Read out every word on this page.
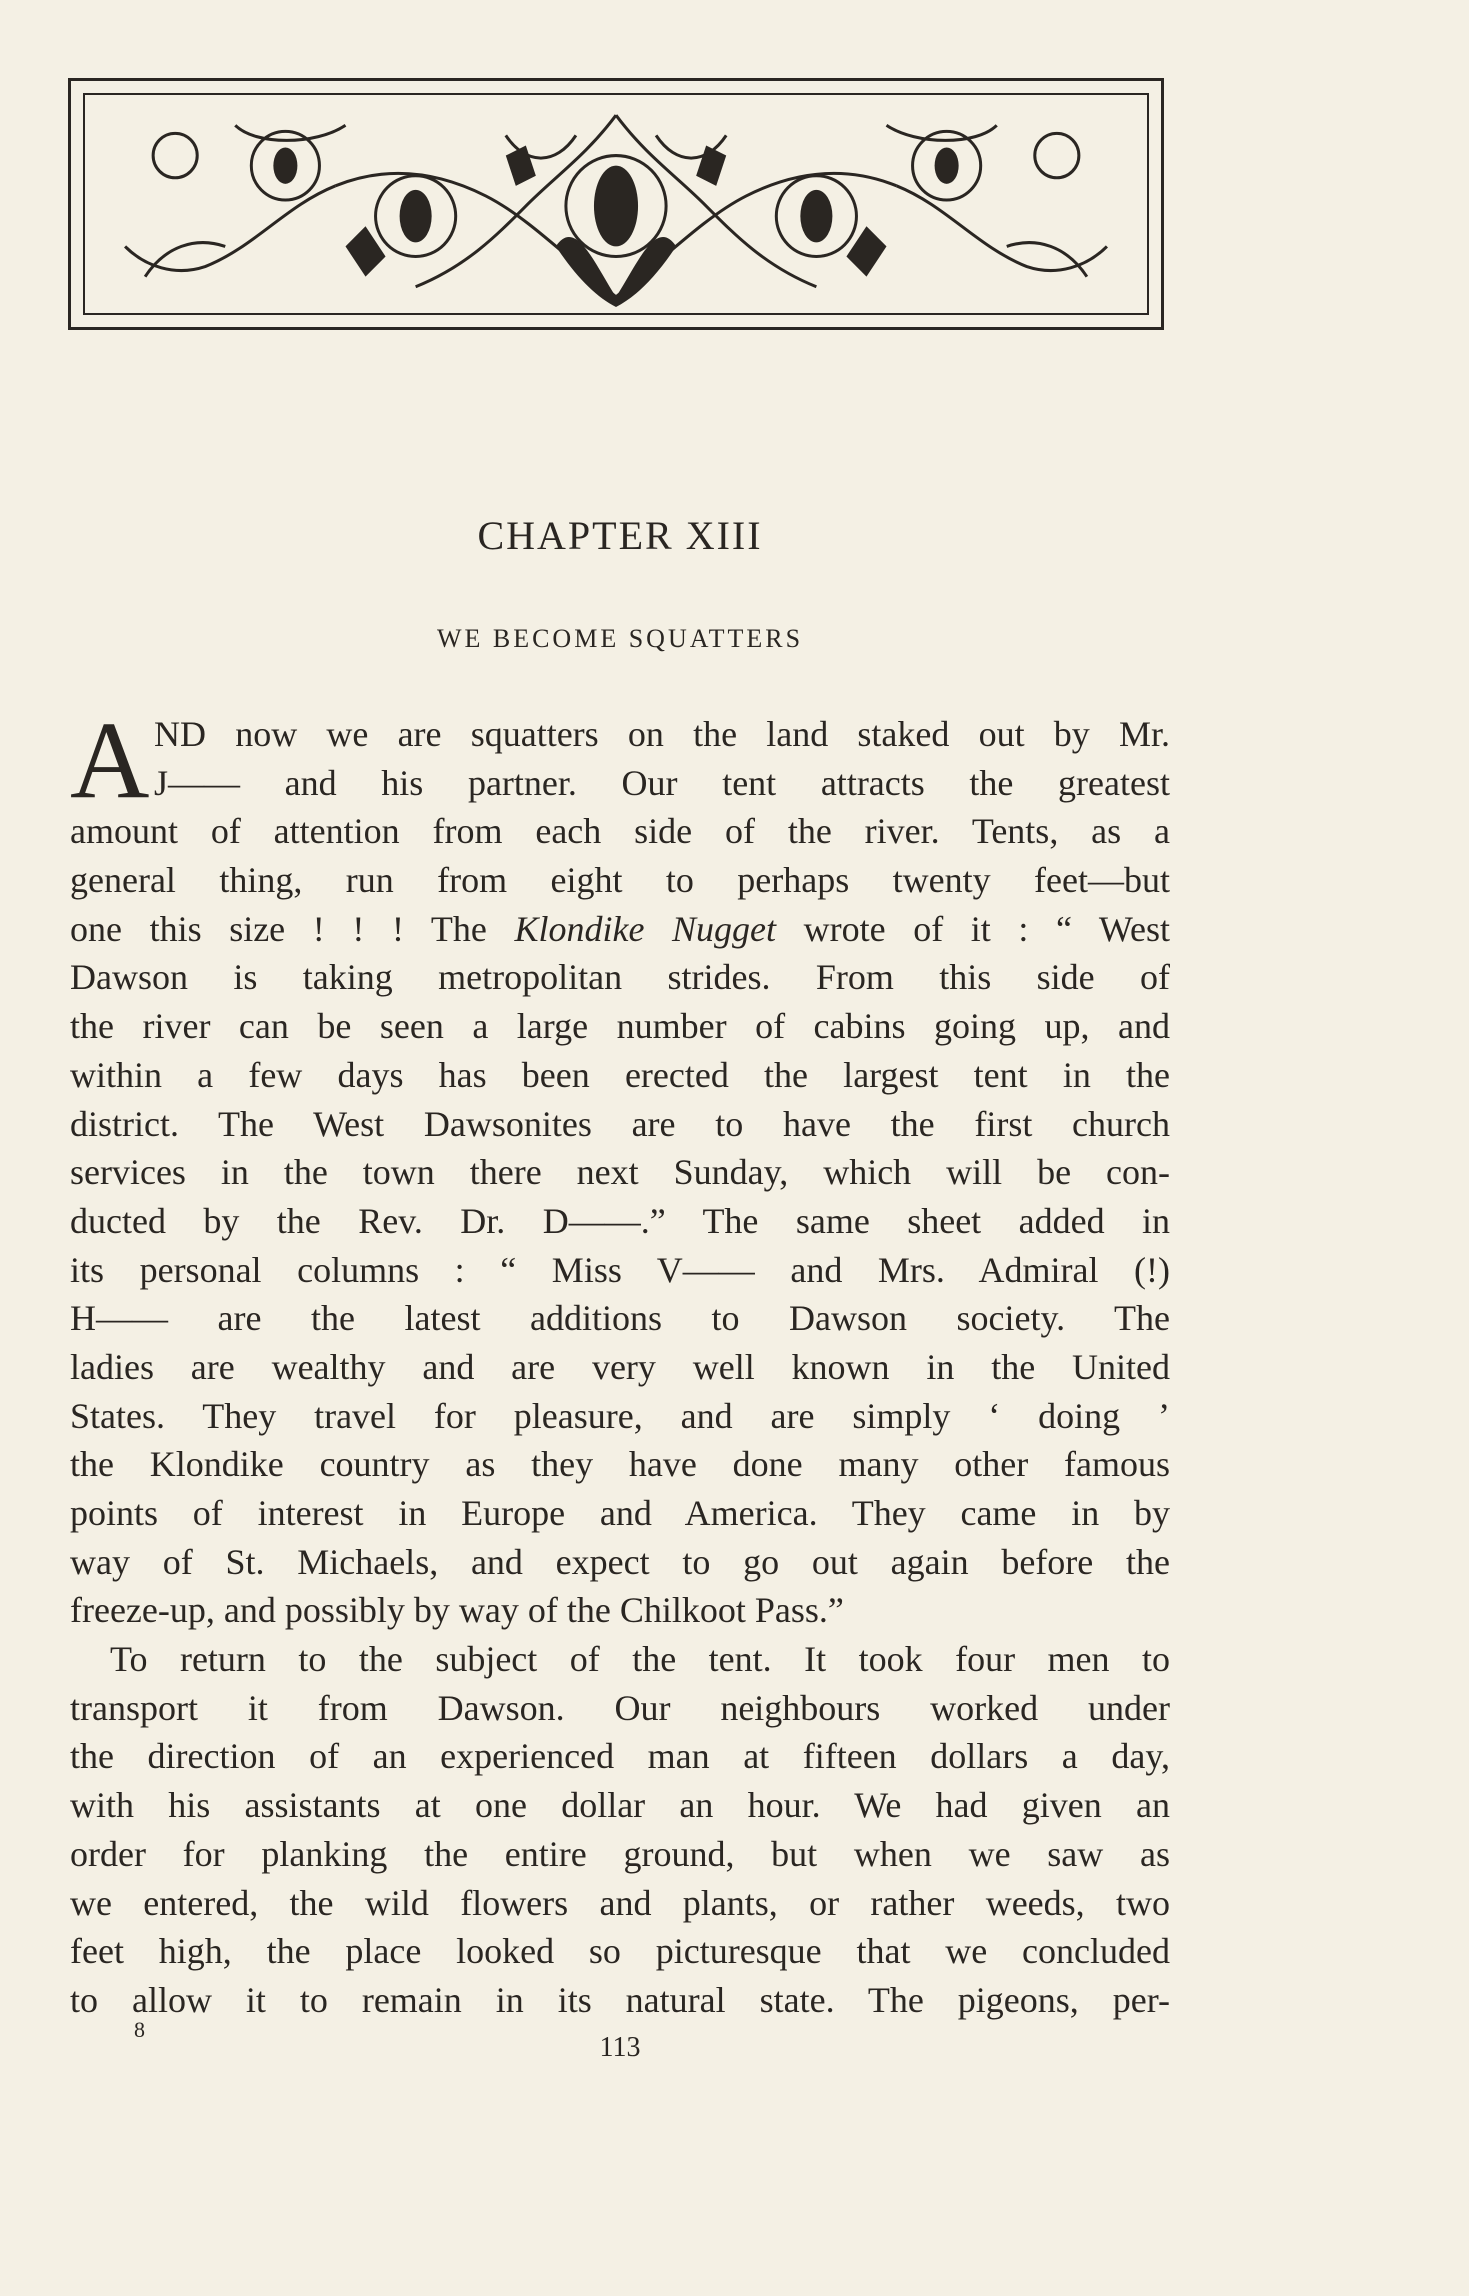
CHAPTER XIII
WE BECOME SQUATTERS
A ND now we are squatters on the land staked out by Mr.
J—— and his partner. Our tent attracts the greatest
amount of attention from each side of the river. Tents, as a
general thing, run from eight to perhaps twenty feet—but
one this size ! ! ! The Klondike Nugget wrote of it : “ West
Dawson is taking metropolitan strides. From this side of
the river can be seen a large number of cabins going up, and
within a few days has been erected the largest tent in the
district. The West Dawsonites are to have the first church
services in the town there next Sunday, which will be con-
ducted by the Rev. Dr. D——.” The same sheet added in
its personal columns : “ Miss V—— and Mrs. Admiral (!)
H—— are the latest additions to Dawson society. The
ladies are wealthy and are very well known in the United
States. They travel for pleasure, and are simply ‘ doing ’
the Klondike country as they have done many other famous
points of interest in Europe and America. They came in by
way of St. Michaels, and expect to go out again before the
freeze-up, and possibly by way of the Chilkoot Pass.”
To return to the subject of the tent. It took four men to
transport it from Dawson. Our neighbours worked under
the direction of an experienced man at fifteen dollars a day,
with his assistants at one dollar an hour. We had given an
order for planking the entire ground, but when we saw as
we entered, the wild flowers and plants, or rather weeds, two
feet high, the place looked so picturesque that we concluded
to allow it to remain in its natural state. The pigeons, per-
8
113
